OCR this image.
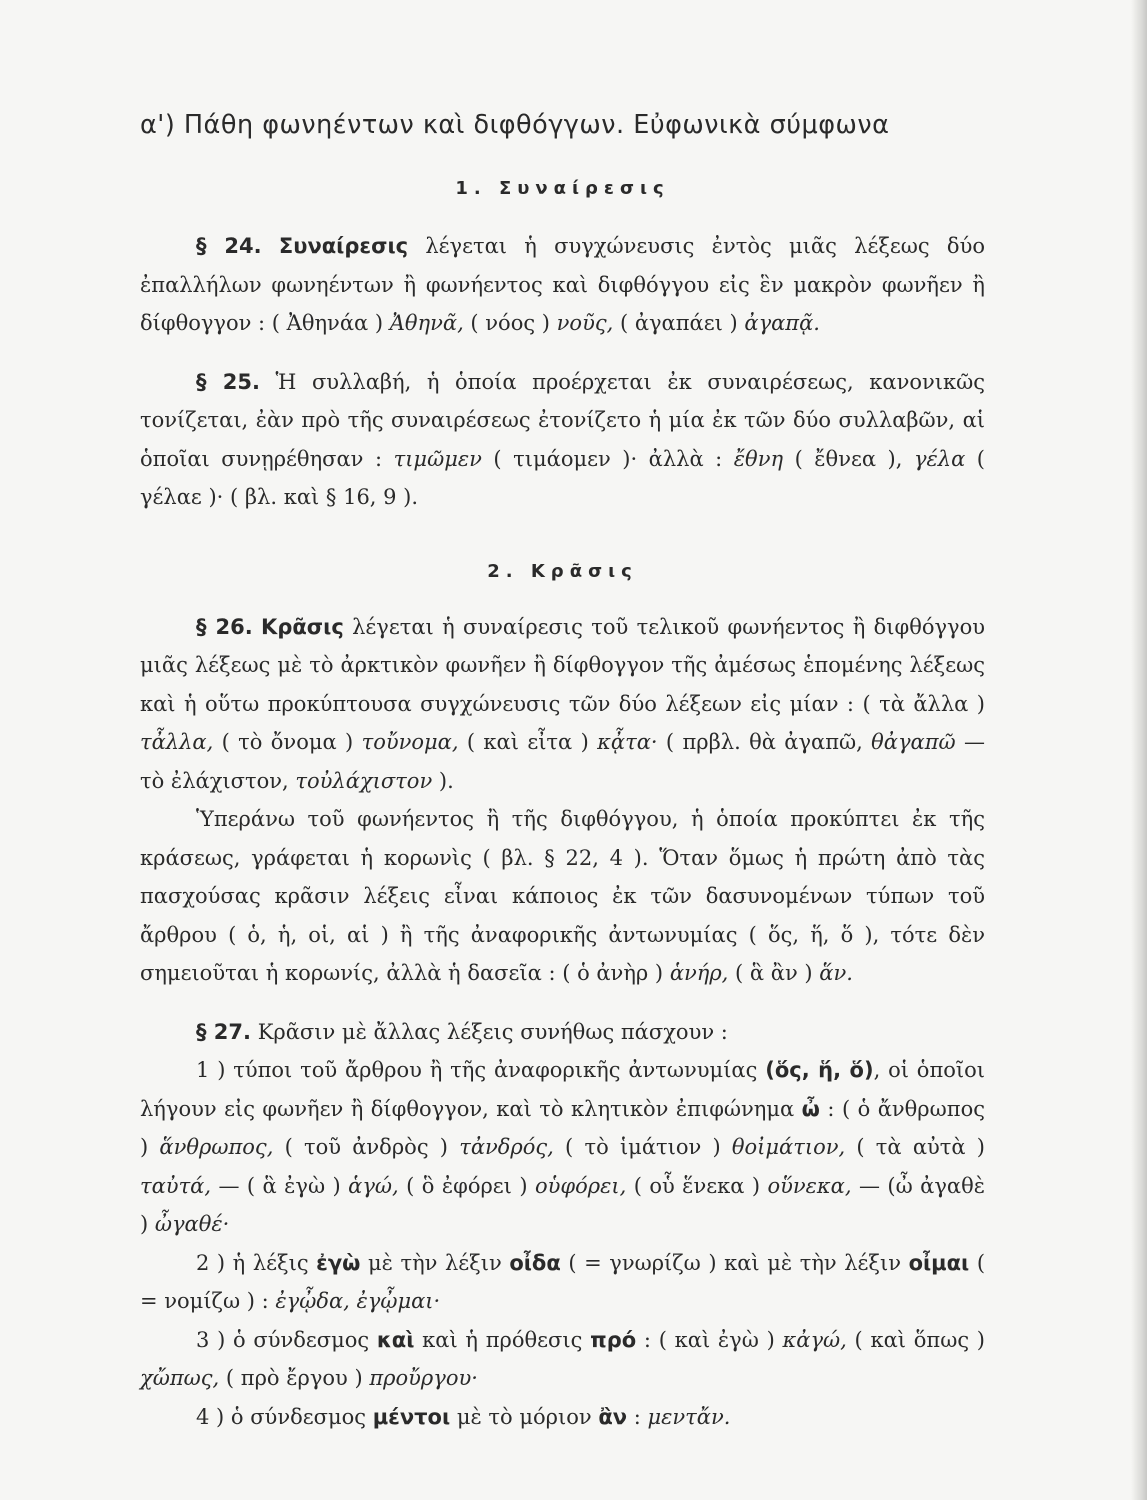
α') Πάθη φωνηέντων καὶ διφθόγγων. Εὐφωνικὰ σύμφωνα
1. Συναίρεσις

§ 24. Συναίρεσις λέγεται ἡ συγχώνευσις ἐντὸς μιᾶς λέξεως δύο ἐπαλλήλων φωνηέντων ἢ φωνήεντος καὶ διφθόγγου εἰς ἓν μακρὸν φωνῆεν ἢ δίφθογγον : ( Ἀθηνάα ) Ἀθηνᾶ, ( νόος ) νοῦς, ( ἀγαπάει ) ἀγαπᾷ.

§ 25. Ἡ συλλαβή, ἡ ὁποία προέρχεται ἐκ συναιρέσεως, κανονικῶς τονίζεται, ἐὰν πρὸ τῆς συναιρέσεως ἐτονίζετο ἡ μία ἐκ τῶν δύο συλλαβῶν, αἱ ὁποῖαι συνῃρέθησαν : τιμῶμεν ( τιμάομεν )· ἀλλὰ : ἔθνη ( ἔθνεα ), γέλα ( γέλαε )· ( βλ. καὶ § 16, 9 ).

2. Κρᾶσις

§ 26. Κρᾶσις λέγεται ἡ συναίρεσις τοῦ τελικοῦ φωνήεντος ἢ διφθόγγου μιᾶς λέξεως μὲ τὸ ἀρκτικὸν φωνῆεν ἢ δίφθογγον τῆς ἀμέσως ἑπομένης λέξεως καὶ ἡ οὕτω προκύπτουσα συγχώνευσις τῶν δύο λέξεων εἰς μίαν : ( τὰ ἄλλα ) τἆλλα, ( τὸ ὄνομα ) τοὔνομα, ( καὶ εἶτα ) κᾆτα· ( πρβλ. θὰ ἀγαπῶ, θἀγαπῶ — τὸ ἐλάχιστον, τοὐλάχιστον ).

Ὑπεράνω τοῦ φωνήεντος ἢ τῆς διφθόγγου, ἡ ὁποία προκύπτει ἐκ τῆς κράσεως, γράφεται ἡ κορωνὶς ( βλ. § 22, 4 ). Ὅταν ὅμως ἡ πρώτη ἀπὸ τὰς πασχούσας κρᾶσιν λέξεις εἶναι κάποιος ἐκ τῶν δασυνομένων τύπων τοῦ ἄρθρου ( ὁ, ἡ, οἱ, αἱ ) ἢ τῆς ἀναφορικῆς ἀντωνυμίας ( ὅς, ἥ, ὅ ), τότε δὲν σημειοῦται ἡ κορωνίς, ἀλλὰ ἡ δασεῖα : ( ὁ ἀνὴρ ) ἁνήρ, ( ἃ ἂν ) ἅν.

§ 27. Κρᾶσιν μὲ ἄλλας λέξεις συνήθως πάσχουν :

1 ) τύποι τοῦ ἄρθρου ἢ τῆς ἀναφορικῆς ἀντωνυμίας (ὅς, ἥ, ὅ), οἱ ὁποῖοι λήγουν εἰς φωνῆεν ἢ δίφθογγον, καὶ τὸ κλητικὸν ἐπιφώνημα ὦ : ( ὁ ἄνθρωπος ) ἅνθρωπος, ( τοῦ ἀνδρὸς ) τἀνδρός, ( τὸ ἱμάτιον ) θοἰμάτιον, ( τὰ αὐτὰ ) ταὐτά, — ( ἃ ἐγὼ ) ἁγώ, ( ὃ ἐφόρει ) οὑφόρει, ( οὗ ἕνεκα ) οὕνεκα, — (ὦ ἀγαθὲ ) ὦγαθέ·

2 ) ἡ λέξις ἐγὼ μὲ τὴν λέξιν οἶδα ( = γνωρίζω ) καὶ μὲ τὴν λέξιν οἶμαι ( = νομίζω ) : ἐγᾦδα, ἐγᾦμαι·

3 ) ὁ σύνδεσμος καὶ καὶ ἡ πρόθεσις πρό : ( καὶ ἐγὼ ) κἀγώ, ( καὶ ὅπως ) χὤπως, ( πρὸ ἔργου ) προὔργου·

4 ) ὁ σύνδεσμος μέντοι μὲ τὸ μόριον ἂν : μεντἄν.
